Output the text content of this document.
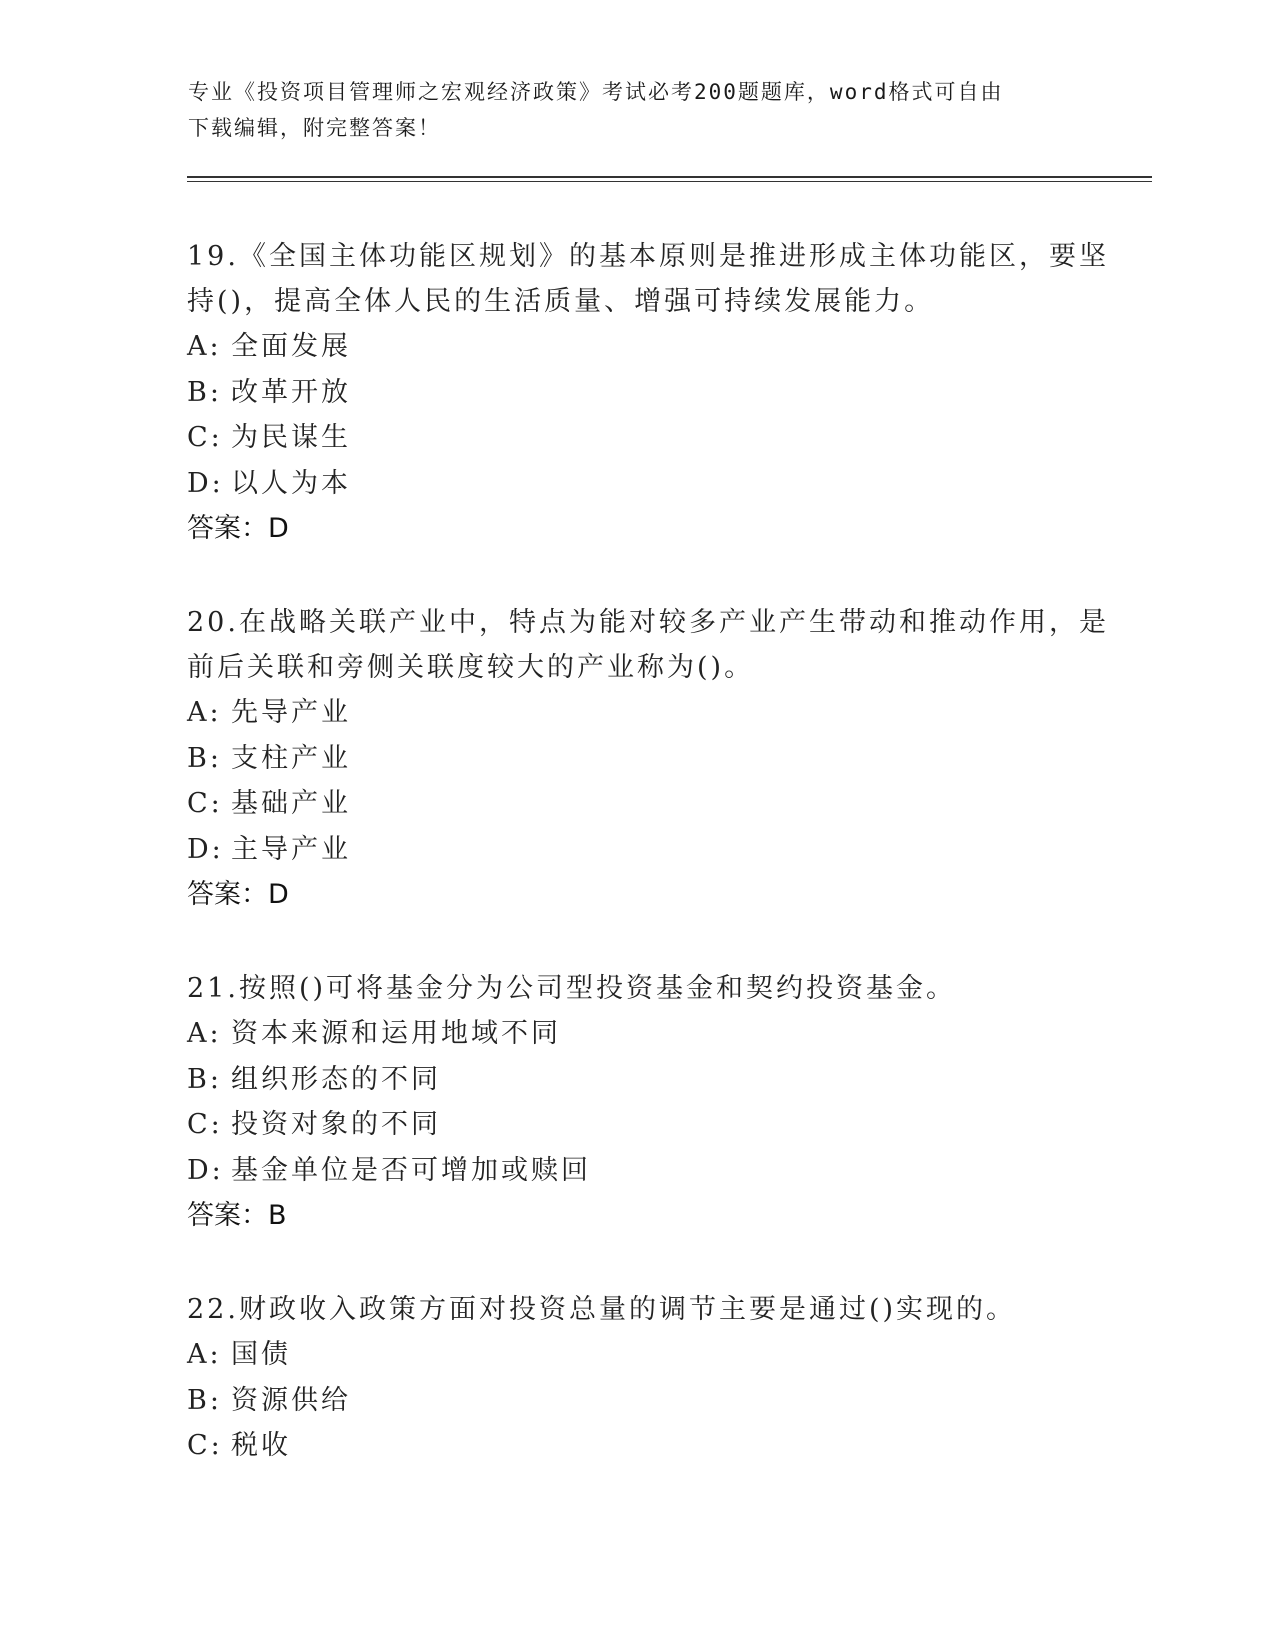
专业《投资项目管理师之宏观经济政策》考试必考200题题库，word格式可自由
下载编辑，附完整答案！
19.《全国主体功能区规划》的基本原则是推进形成主体功能区，要坚
持()，提高全体人民的生活质量、增强可持续发展能力。
A: 全面发展
B: 改革开放
C: 为民谋生
D: 以人为本
答案：D
20.在战略关联产业中，特点为能对较多产业产生带动和推动作用，是
前后关联和旁侧关联度较大的产业称为()。
A: 先导产业
B: 支柱产业
C: 基础产业
D: 主导产业
答案：D
21.按照()可将基金分为公司型投资基金和契约投资基金。
A: 资本来源和运用地域不同
B: 组织形态的不同
C: 投资对象的不同
D: 基金单位是否可增加或赎回
答案：B
22.财政收入政策方面对投资总量的调节主要是通过()实现的。
A: 国债
B: 资源供给
C: 税收
